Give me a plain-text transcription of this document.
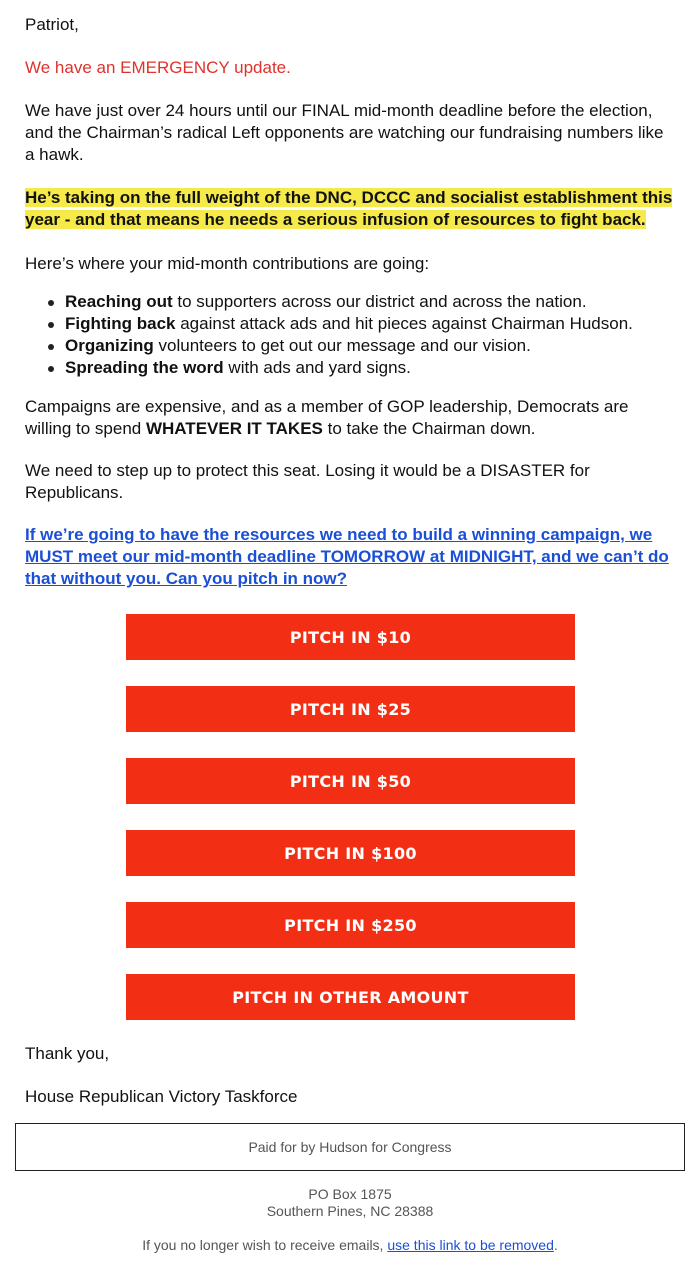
Patriot,

We have an EMERGENCY update.

We have just over 24 hours until our FINAL mid-month deadline before the election, and the Chairman’s radical Left opponents are watching our fundraising numbers like a hawk.

He’s taking on the full weight of the DNC, DCCC and socialist establishment this year - and that means he needs a serious infusion of resources to fight back.

Here’s where your mid-month contributions are going:

Reaching out to supporters across our district and across the nation.
Fighting back against attack ads and hit pieces against Chairman Hudson.
Organizing volunteers to get out our message and our vision.
Spreading the word with ads and yard signs.

Campaigns are expensive, and as a member of GOP leadership, Democrats are willing to spend WHATEVER IT TAKES to take the Chairman down.

We need to step up to protect this seat. Losing it would be a DISASTER for Republicans.

If we’re going to have the resources we need to build a winning campaign, we MUST meet our mid-month deadline TOMORROW at MIDNIGHT, and we can’t do that without you. Can you pitch in now?
PITCH IN $10
PITCH IN $25
PITCH IN $50
PITCH IN $100
PITCH IN $250
PITCH IN OTHER AMOUNT

Thank you,

House Republican Victory Taskforce

Paid for by Hudson for Congress
PO Box 1875
Southern Pines, NC 28388
If you no longer wish to receive emails, use this link to be removed.
